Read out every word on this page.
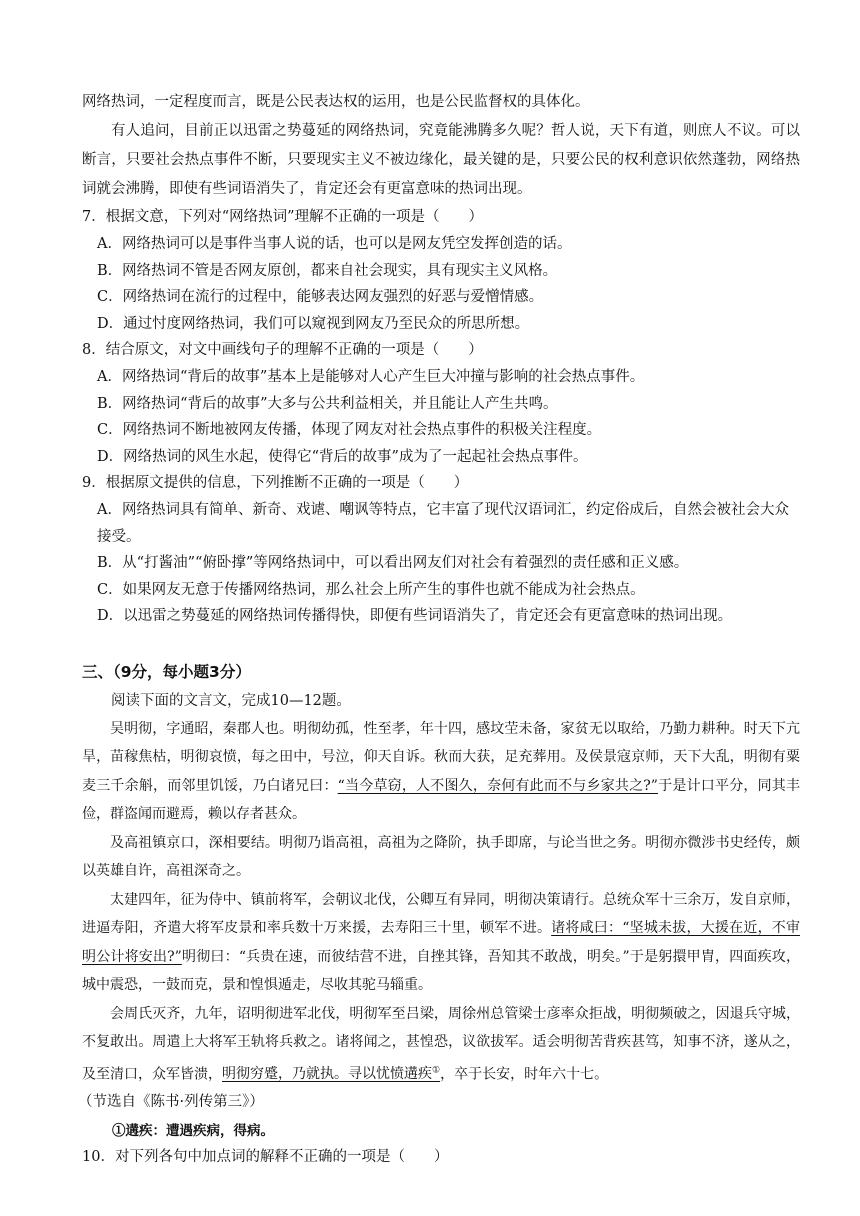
网络热词，一定程度而言，既是公民表达权的运用，也是公民监督权的具体化。

有人追问，目前正以迅雷之势蔓延的网络热词，究竟能沸腾多久呢？哲人说，天下有道，则庶人不议。可以断言，只要社会热点事件不断，只要现实主义不被边缘化，最关键的是，只要公民的权利意识依然蓬勃，网络热词就会沸腾，即使有些词语消失了，肯定还会有更富意味的热词出现。

7．根据文意，下列对“网络热词”理解不正确的一项是（　　）

A．网络热词可以是事件当事人说的话，也可以是网友凭空发挥创造的话。

B．网络热词不管是否网友原创，都来自社会现实，具有现实主义风格。

C．网络热词在流行的过程中，能够表达网友强烈的好恶与爱憎情感。

D．通过忖度网络热词，我们可以窥视到网友乃至民众的所思所想。

8．结合原文，对文中画线句子的理解不正确的一项是（　　）

A．网络热词“背后的故事”基本上是能够对人心产生巨大冲撞与影响的社会热点事件。

B．网络热词“背后的故事”大多与公共利益相关，并且能让人产生共鸣。

C．网络热词不断地被网友传播，体现了网友对社会热点事件的积极关注程度。

D．网络热词的风生水起，使得它“背后的故事”成为了一起起社会热点事件。

9．根据原文提供的信息，下列推断不正确的一项是（　　）

A．网络热词具有简单、新奇、戏谑、嘲讽等特点，它丰富了现代汉语词汇，约定俗成后，自然会被社会大众接受。

B．从“打酱油”“俯卧撑”等网络热词中，可以看出网友们对社会有着强烈的责任感和正义感。

C．如果网友无意于传播网络热词，那么社会上所产生的事件也就不能成为社会热点。

D．以迅雷之势蔓延的网络热词传播得快，即便有些词语消失了，肯定还会有更富意味的热词出现。

三、（9分，每小题3分）

阅读下面的文言文，完成10—12题。

吴明彻，字通昭，秦郡人也。明彻幼孤，性至孝，年十四，感坟茔未备，家贫无以取给，乃勤力耕种。时天下亢旱，苗稼焦枯，明彻哀愤，每之田中，号泣，仰天自诉。秋而大获，足充葬用。及侯景寇京师，天下大乱，明彻有粟麦三千余斛，而邻里饥馁，乃白诸兄曰：“当今草窃，人不图久，奈何有此而不与乡家共之?”于是计口平分，同其丰俭，群盗闻而避焉，赖以存者甚众。

及高祖镇京口，深相要结。明彻乃诣高祖，高祖为之降阶，执手即席，与论当世之务。明彻亦微涉书史经传，颇以英雄自许，高祖深奇之。

太建四年，征为侍中、镇前将军，会朝议北伐，公卿互有异同，明彻决策请行。总统众军十三余万，发自京师，进逼寿阳，齐遣大将军皮景和率兵数十万来援，去寿阳三十里，顿军不进。诸将咸曰：“坚城未拔，大援在近，不审明公计将安出?”明彻曰：“兵贵在速，而彼结营不进，自挫其锋，吾知其不敢战，明矣。”于是躬擐甲胄，四面疾攻，城中震恐，一鼓而克，景和惶惧遁走，尽收其驼马辎重。

会周氏灭齐，九年，诏明彻进军北伐，明彻军至吕梁，周徐州总管梁士彦率众拒战，明彻频破之，因退兵守城，不复敢出。周遣上大将军王轨将兵救之。诸将闻之，甚惶恐，议欲拔军。适会明彻苦背疾甚笃，知事不济，遂从之，及至清口，众军皆溃，明彻穷蹙，乃就执。寻以忧愤遘疾①，卒于长安，时年六十七。

（节选自《陈书·列传第三》）

①遘疾：遭遇疾病，得病。

10．对下列各句中加点词的解释不正确的一项是（　　）
